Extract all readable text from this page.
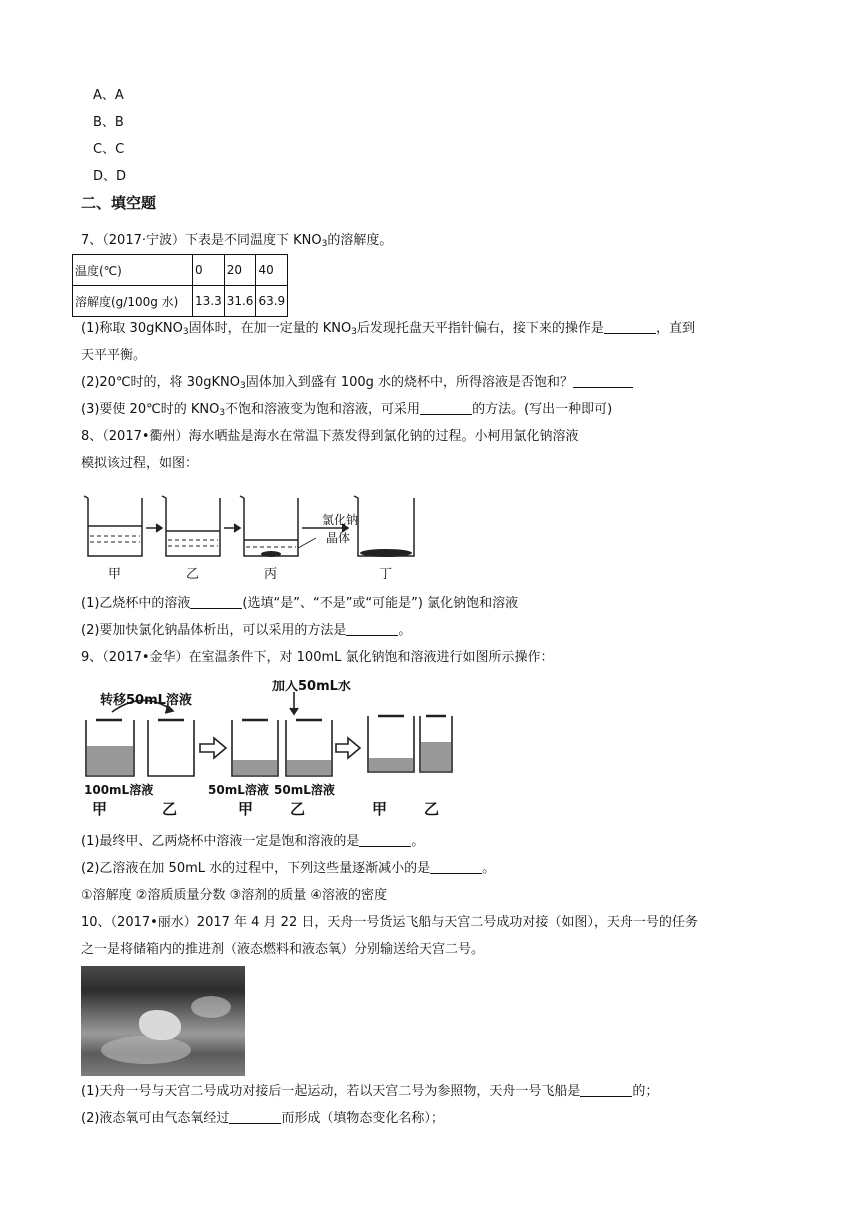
A、A
B、B
C、C
D、D
二、填空题
7、（2017·宁波）下表是不同温度下 $KNO_3$的溶解度。
温度(℃)	0	20	40
溶解度(g/100g 水)	13.3	31.6	63.9
(1)称取 30gKNO$_3$固体时，在加一定量的 $KNO_3$后发现托盘天平指针偏右，接下来的操作是	，直到
天平平衡。
(2)20℃时的，将 30gKNO$_3$固体加入到盛有 100g 水的烧杯中，所得溶液是否饱和？
(3)要使 20℃时的 $KNO_3$不饱和溶液变为饱和溶液，可采用	的方法。(写出一种即可)
8、（2017•衢州）海水晒盐是海水在常温下蒸发得到氯化钠的过程。小柯用氯化钠溶液
模拟该过程，如图：
氯化钠
晶体
甲	乙	丙	丁
(1)乙烧杯中的溶液	(选填“是”、“不是”或“可能是”) 氯化钠饱和溶液
(2)要加快氯化钠晶体析出，可以采用的方法是	。
9、（2017•金华）在室温条件下，对 100mL 氯化钠饱和溶液进行如图所示操作：
转移50mL溶液
加入50mL水
100mL溶液	50mL溶液 50mL溶液
甲	乙	甲 乙	甲 乙
(1)最终甲、乙两烧杯中溶液一定是饱和溶液的是	。
(2)乙溶液在加 50mL 水的过程中，下列这些量逐渐减小的是	。
①溶解度 ②溶质质量分数 ③溶剂的质量 ④溶液的密度
10、（2017•丽水）2017 年 4 月 22 日，天舟一号货运飞船与天宫二号成功对接（如图），天舟一号的任务
之一是将储箱内的推进剂（液态燃料和液态氧）分别输送给天宫二号。
(1)天舟一号与天宫二号成功对接后一起运动，若以天宫二号为参照物，天舟一号飞船是	的；
(2)液态氧可由气态氧经过	而形成（填物态变化名称）；
